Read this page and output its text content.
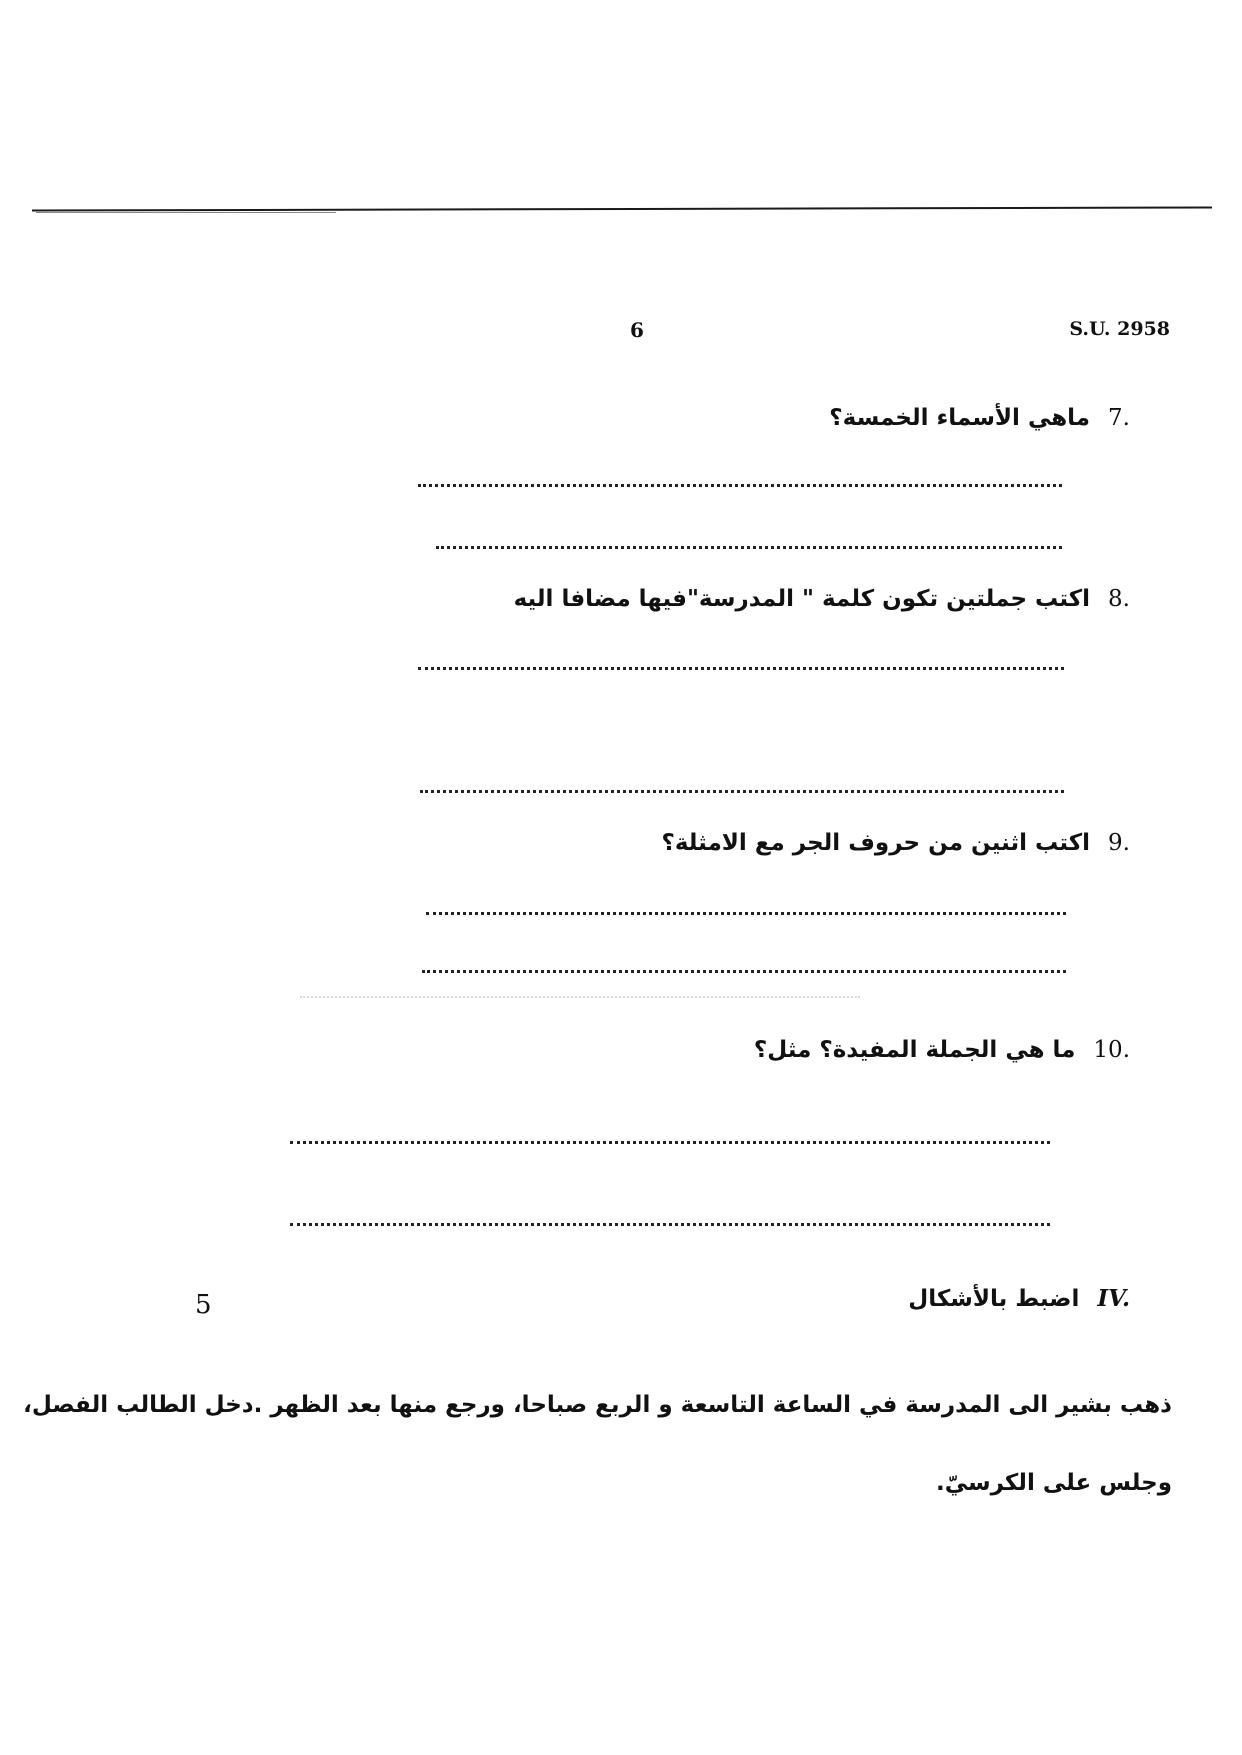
6	S.U. 2958
7.
ماهي الأسماء الخمسة؟
8.
اكتب جملتين تكون كلمة " المدرسة"فيها مضافا اليه
9.
اكتب اثنين من حروف الجر مع الامثلة؟
10.
ما هي الجملة المفيدة؟ مثل؟
IV.
اضبط بالأشكال
5
ذهب بشير الى المدرسة في الساعة التاسعة و الربع صباحا، ورجع منها بعد الظهر .دخل الطالب الفصل،
وجلس على الكرسيّ.
